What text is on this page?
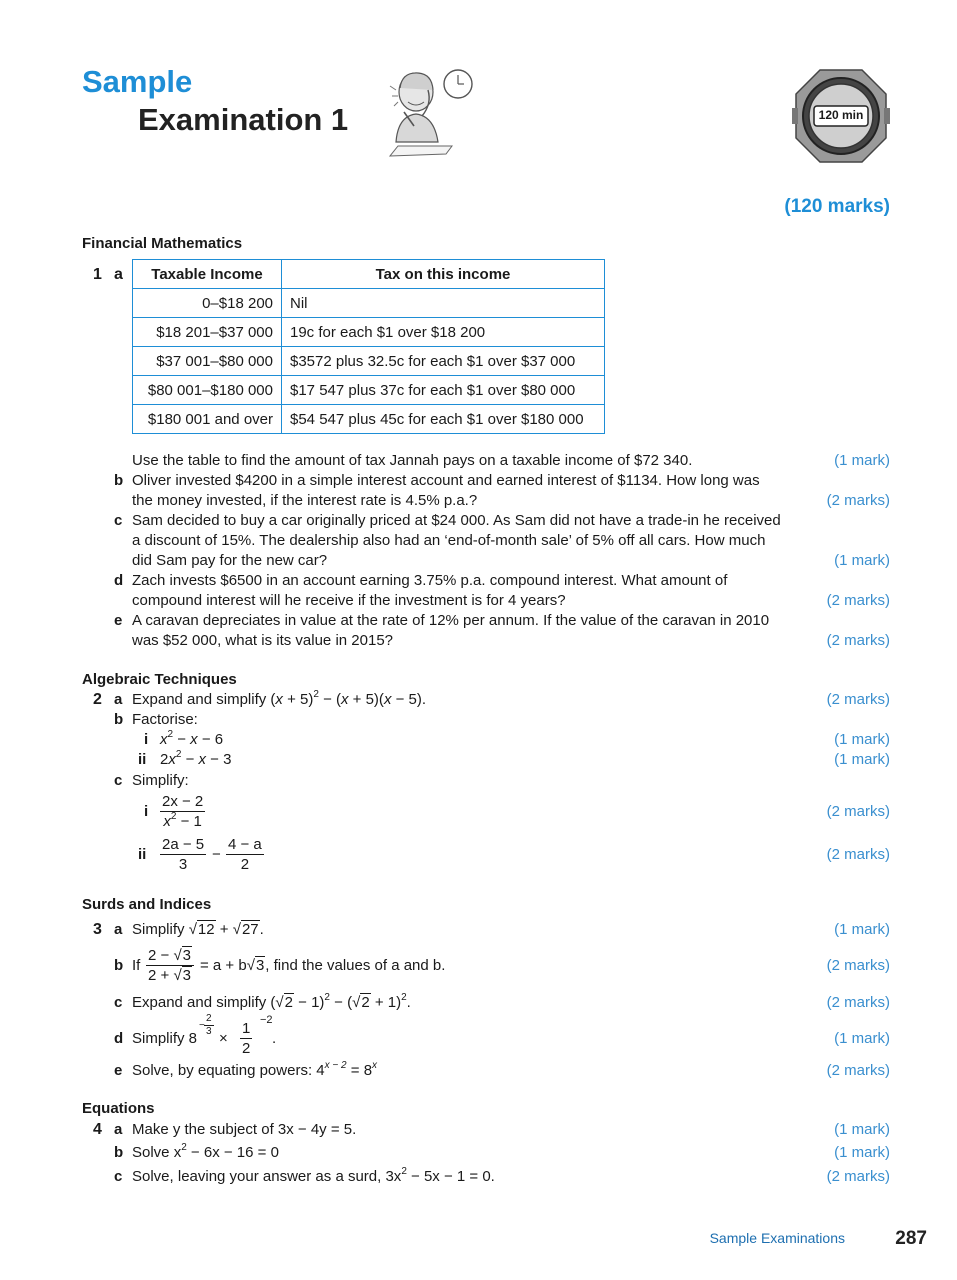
Sample
Examination 1	120 min
(120 marks)
Financial Mathematics
1 a Taxable Income	Tax on this income
0–$18 200	Nil
$18 201–$37 000	19c for each $1 over $18 200
$37 001–$80 000	$3572 plus 32.5c for each $1 over $37 000
$80 001–$180 000	$17 547 plus 37c for each $1 over $80 000
$180 001 and over	$54 547 plus 45c for each $1 over $180 000
Use the table to find the amount of tax Jannah pays on a taxable income of $72 340.	(1 mark)
b Oliver invested $4200 in a simple interest account and earned interest of $1134. How long was
the money invested, if the interest rate is 4.5% p.a.?	(2 marks)
c Sam decided to buy a car originally priced at $24 000. As Sam did not have a trade-in he received
a discount of 15%. The dealership also had an ‘end-of-month sale’ of 5% off all cars. How much
did Sam pay for the new car?	(1 mark)
d Zach invests $6500 in an account earning 3.75% p.a. compound interest. What amount of
compound interest will he receive if the investment is for 4 years?	(2 marks)
e A caravan depreciates in value at the rate of 12% per annum. If the value of the caravan in 2010
was $52 000, what is its value in 2015?	(2 marks)
Algebraic Techniques
2 a Expand and simplify $(x + 5)^2 - (x + 5)(x - 5)$.	(2 marks)
b Factorise:
i $x^2 - x - 6$	(1 mark)
ii $2x^2 - x - 3$	(1 mark)
c Simplify:
i	(2 marks)
$\frac{2x - 2}{x^2 - 1}$
ii	−	(2 marks)
$\frac{2a - 5}{3} \frac{4 - a}{2}$
Surds and Indices
3 a Simplify √12 + √27.	(1 mark)
b If	= a + b√3, find the values of a and b.	(2 marks)
$\frac{2 - √3}{2 + √3}$
c Expand and simplify $(√2 - 1)^2 - (√2 + 1)^2$.	(2 marks)
d Simplify 8 ×	.	(1 mark)
− $\frac{2}{3} \frac{1}{2} -2$
e Solve, by equating powers: $4^{x - 2} = 8^x$	(2 marks)
Equations
4 a Make y the subject of 3x − 4y = 5.	(1 mark)
b Solve $x^2 - 6x - 16 = 0$	(1 mark)
c Solve, leaving your answer as a surd, $3x^2 - 5x - 1 = 0$.	(2 marks)
Sample Examinations	287
